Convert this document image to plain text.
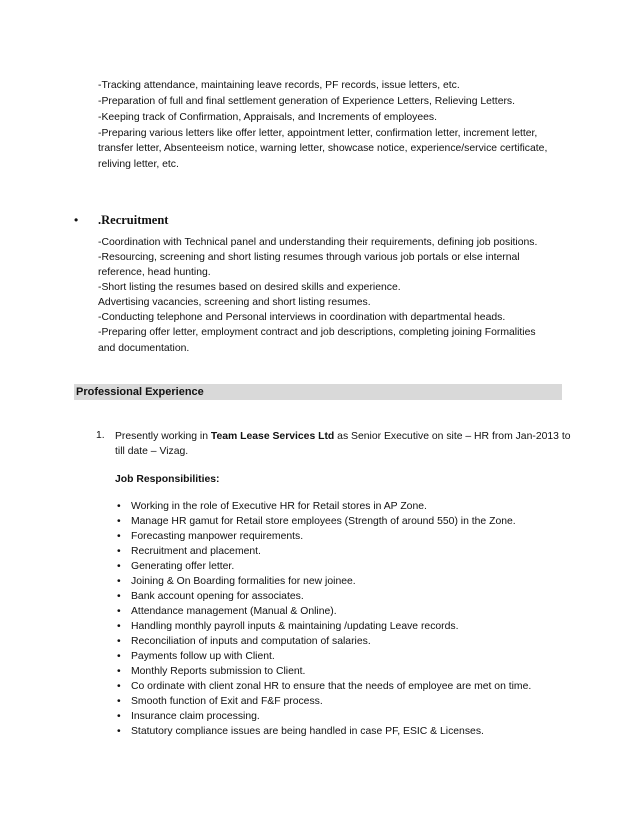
-Tracking attendance, maintaining leave records, PF records, issue letters, etc.
-Preparation of full and final settlement generation of Experience Letters, Relieving Letters.
-Keeping track of Confirmation, Appraisals, and Increments of employees.
-Preparing various letters like offer letter, appointment letter, confirmation letter, increment letter,
transfer letter, Absenteeism notice, warning letter, showcase notice, experience/service certificate,
reliving letter, etc.
• .Recruitment
-Coordination with Technical panel and understanding their requirements, defining job positions.
-Resourcing, screening and short listing resumes through various job portals or else internal
reference, head hunting.
-Short listing the resumes based on desired skills and experience.
Advertising vacancies, screening and short listing resumes.
-Conducting telephone and Personal interviews in coordination with departmental heads.
-Preparing offer letter, employment contract and job descriptions, completing joining Formalities
and documentation.
Professional Experience
1. Presently working in Team Lease Services Ltd as Senior Executive on site – HR from Jan-2013 to
till date – Vizag.
Job Responsibilities:
• Working in the role of Executive HR for Retail stores in AP Zone.
• Manage HR gamut for Retail store employees (Strength of around 550) in the Zone.
• Forecasting manpower requirements.
• Recruitment and placement.
• Generating offer letter.
• Joining & On Boarding formalities for new joinee.
• Bank account opening for associates.
• Attendance management (Manual & Online).
• Handling monthly payroll inputs & maintaining /updating Leave records.
• Reconciliation of inputs and computation of salaries.
• Payments follow up with Client.
• Monthly Reports submission to Client.
• Co ordinate with client zonal HR to ensure that the needs of employee are met on time.
• Smooth function of Exit and F&F process.
• Insurance claim processing.
• Statutory compliance issues are being handled in case PF, ESIC & Licenses.
